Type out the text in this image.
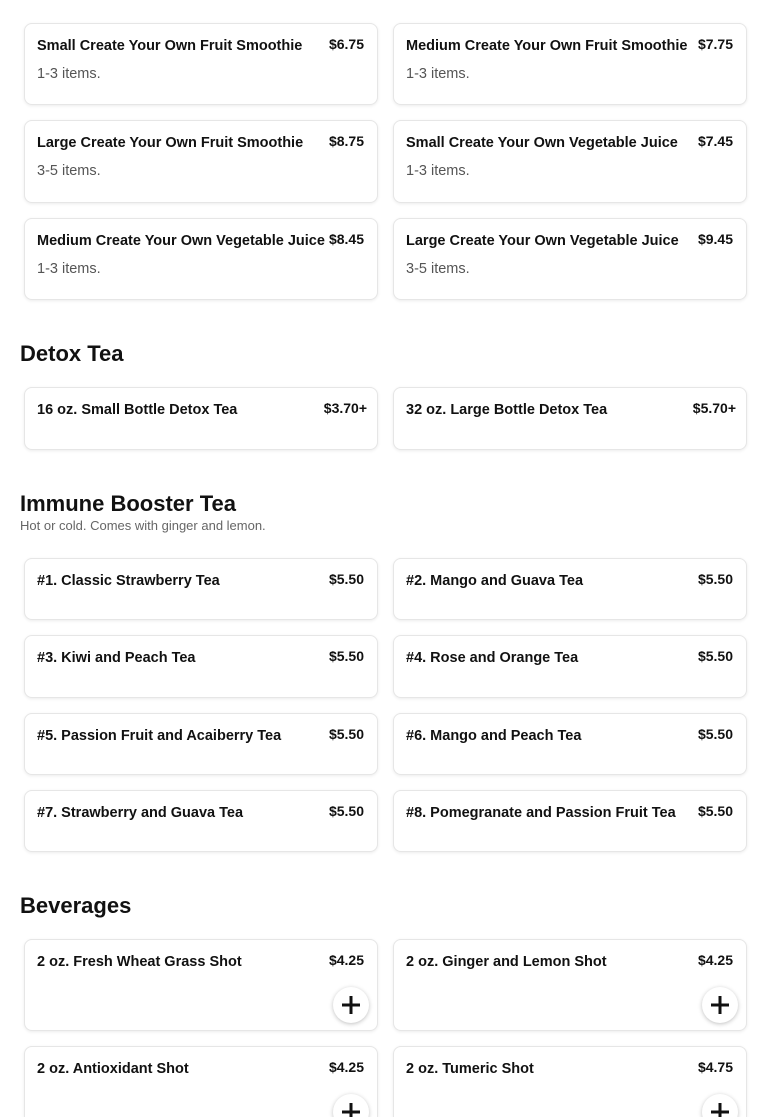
Small Create Your Own Fruit Smoothie $6.75
1-3 items.
Medium Create Your Own Fruit Smoothie $7.75
1-3 items.
Large Create Your Own Fruit Smoothie $8.75
3-5 items.
Small Create Your Own Vegetable Juice $7.45
1-3 items.
Medium Create Your Own Vegetable Juice $8.45
1-3 items.
Large Create Your Own Vegetable Juice $9.45
3-5 items.
Detox Tea
16 oz. Small Bottle Detox Tea	$3.70+	32 oz. Large Bottle Detox Tea	$5.70+
Immune Booster Tea
Hot or cold. Comes with ginger and lemon.
#1. Classic Strawberry Tea	$5.50	#2. Mango and Guava Tea	$5.50
#3. Kiwi and Peach Tea	$5.50	#4. Rose and Orange Tea	$5.50
#5. Passion Fruit and Acaiberry Tea	$5.50	#6. Mango and Peach Tea	$5.50
#7. Strawberry and Guava Tea	$5.50	#8. Pomegranate and Passion Fruit Tea $5.50
Beverages
2 oz. Fresh Wheat Grass Shot	$4.25	2 oz. Ginger and Lemon Shot	$4.25
2 oz. Antioxidant Shot	$4.25	2 oz. Tumeric Shot	$4.75
